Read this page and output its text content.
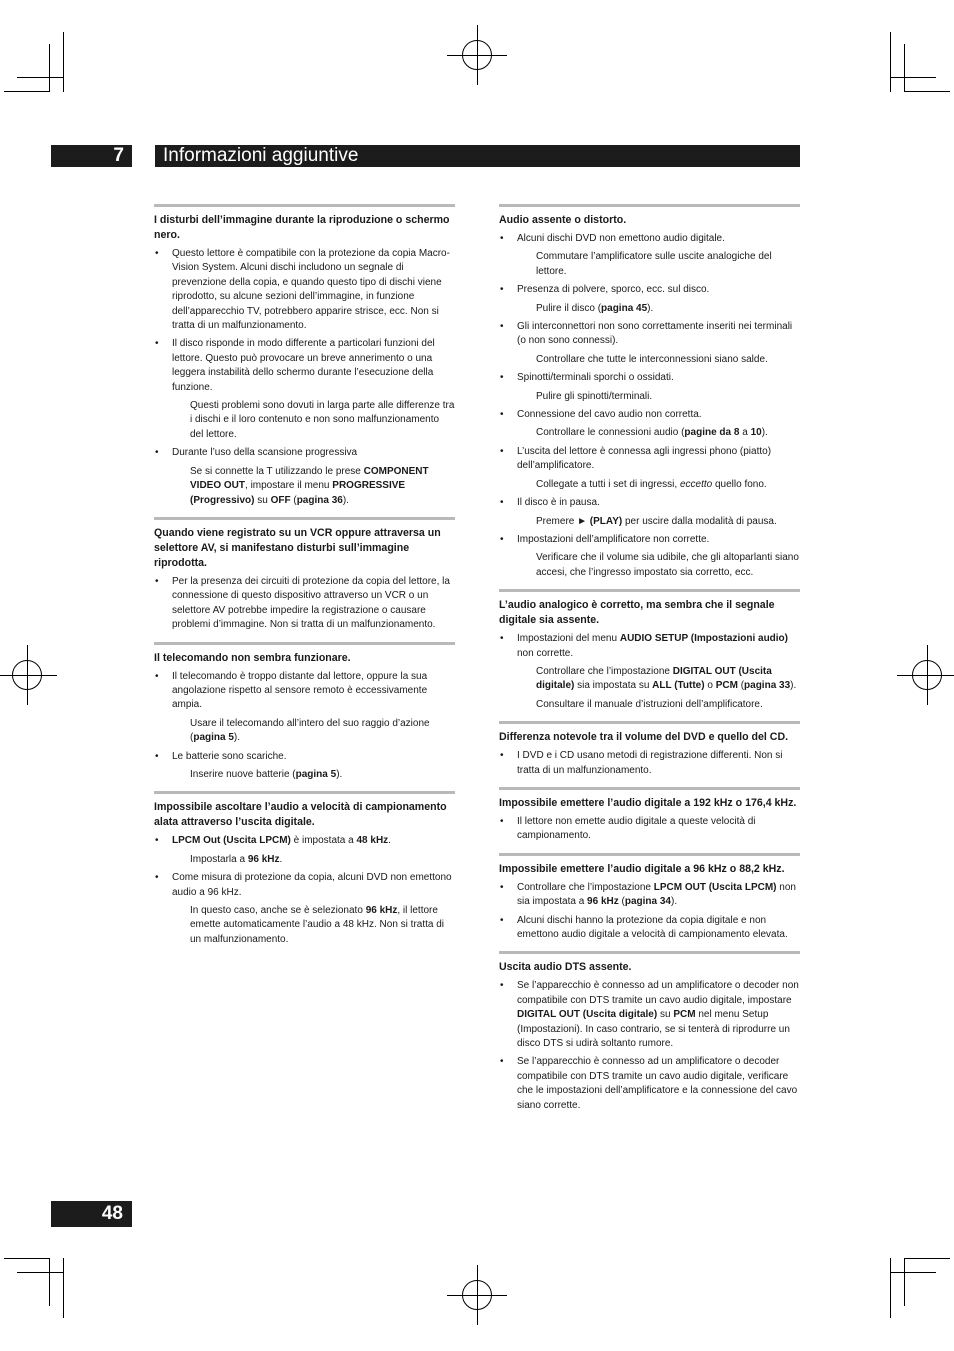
7	Informazioni aggiuntive
I disturbi dell’immagine durante la riproduzione o schermo nero.
• Questo lettore è compatibile con la protezione da copia Macro-Vision System. Alcuni dischi includono un segnale di prevenzione della copia, e quando questo tipo di dischi viene riprodotto, su alcune sezioni dell’immagine, in funzione dell’apparecchio TV, potrebbero apparire strisce, ecc. Non si tratta di un malfunzionamento.
• Il disco risponde in modo differente a particolari funzioni del lettore. Questo può provocare un breve annerimento o una leggera instabilità dello schermo durante l’esecuzione della funzione.

Questi problemi sono dovuti in larga parte alle differenze tra i dischi e il loro contenuto e non sono malfunzionamento del lettore.

• Durante l’uso della scansione progressiva

Se si connette la T utilizzando le prese COMPONENT VIDEO OUT, impostare il menu PROGRESSIVE (Progressivo) su OFF (pagina 36).

Quando viene registrato su un VCR oppure attraversa un selettore AV, si manifestano disturbi sull’immagine riprodotta.
• Per la presenza dei circuiti di protezione da copia del lettore, la connessione di questo dispositivo attraverso un VCR o un selettore AV potrebbe impedire la registrazione o causare problemi d’immagine. Non si tratta di un malfunzionamento.
Il telecomando non sembra funzionare.
• Il telecomando è troppo distante dal lettore, oppure la sua angolazione rispetto al sensore remoto è eccessivamente ampia.

Usare il telecomando all’intero del suo raggio d’azione (pagina 5).

• Le batterie sono scariche.

Inserire nuove batterie (pagina 5).

Impossibile ascoltare l’audio a velocità di campionamento alata attraverso l’uscita digitale.
• LPCM Out (Uscita LPCM) è impostata a 48 kHz.

Impostarla a 96 kHz.

• Come misura di protezione da copia, alcuni DVD non emettono audio a 96 kHz.

In questo caso, anche se è selezionato 96 kHz, il lettore emette automaticamente l’audio a 48 kHz. Non si tratta di un malfunzionamento.

Audio assente o distorto.
• Alcuni dischi DVD non emettono audio digitale.

Commutare l’amplificatore sulle uscite analogiche del lettore.

• Presenza di polvere, sporco, ecc. sul disco.

Pulire il disco (pagina 45).

• Gli interconnettori non sono correttamente inseriti nei terminali (o non sono connessi).

Controllare che tutte le interconnessioni siano salde.

• Spinotti/terminali sporchi o ossidati.

Pulire gli spinotti/terminali.

• Connessione del cavo audio non corretta.

Controllare le connessioni audio (pagine da 8 a 10).

• L’uscita del lettore è connessa agli ingressi phono (piatto) dell’amplificatore.

Collegate a tutti i set di ingressi, eccetto quello fono.

• Il disco è in pausa.

Premere ► (PLAY) per uscire dalla modalità di pausa.

• Impostazioni dell’amplificatore non corrette.

Verificare che il volume sia udibile, che gli altoparlanti siano accesi, che l’ingresso impostato sia corretto, ecc.

L’audio analogico è corretto, ma sembra che il segnale digitale sia assente.
• Impostazioni del menu AUDIO SETUP (Impostazioni audio) non corrette.

Controllare che l’impostazione DIGITAL OUT (Uscita digitale) sia impostata su ALL (Tutte) o PCM (pagina 33).

Consultare il manuale d’istruzioni dell’amplificatore.

Differenza notevole tra il volume del DVD e quello del CD.
• I DVD e i CD usano metodi di registrazione differenti. Non si tratta di un malfunzionamento.
Impossibile emettere l’audio digitale a 192 kHz o 176,4 kHz.
• Il lettore non emette audio digitale a queste velocità di campionamento.
Impossibile emettere l’audio digitale a 96 kHz o 88,2 kHz.
• Controllare che l’impostazione LPCM OUT (Uscita LPCM) non sia impostata a 96 kHz (pagina 34).
• Alcuni dischi hanno la protezione da copia digitale e non emettono audio digitale a velocità di campionamento elevata.
Uscita audio DTS assente.
• Se l’apparecchio è connesso ad un amplificatore o decoder non compatibile con DTS tramite un cavo audio digitale, impostare DIGITAL OUT (Uscita digitale) su PCM nel menu Setup (Impostazioni). In caso contrario, se si tenterà di riprodurre un disco DTS si udirà soltanto rumore.
• Se l’apparecchio è connesso ad un amplificatore o decoder compatibile con DTS tramite un cavo audio digitale, verificare che le impostazioni dell’amplificatore e la connessione del cavo siano corrette.
48
